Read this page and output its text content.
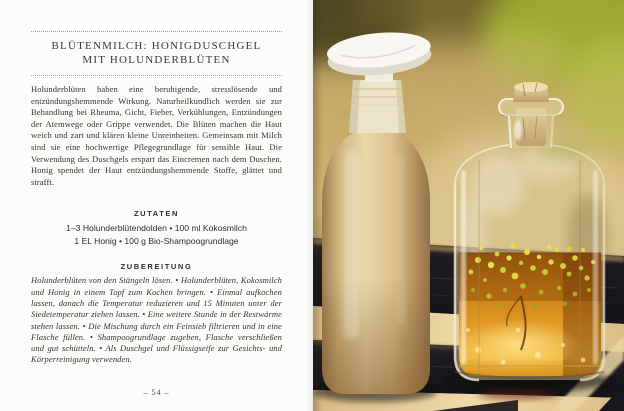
BLÜTENMILCH: HONIGDUSCHGEL
MIT HOLUNDERBLÜTEN

Holunderblüten haben eine beruhigende, stresslösende und entzündungshemmende Wirkung. Naturheilkundlich werden sie zur Behandlung bei Rheuma, Gicht, Fieber, Verkühlungen, Entzündungen der Atemwege oder Grippe verwendet. Die Blüten machen die Haut weich und zart und klären kleine Unreinheiten. Gemeinsam mit Milch sind sie eine hochwertige Pflegegrundlage für sensible Haut. Die Verwendung des Duschgels erspart das Eincremen nach dem Duschen. Honig spendet der Haut entzündungshemmende Stoffe, glättet und strafft.

ZUTATEN

1–3 Holunderblütendolden • 100 ml Kokosmilch
1 EL Honig • 100 g Bio-Shampoogrundlage

ZUBEREITUNG

Holunderblüten von den Stängeln lösen. • Holunderblüten, Kokosmilch und Honig in einem Topf zum Kochen bringen. • Einmal aufkochen lassen, danach die Temperatur reduzieren und 15 Minuten unter der Siedetemperatur ziehen lassen. • Eine weitere Stunde in der Restwärme stehen lassen. • Die Mischung durch ein Feinsieb filtrieren und in eine Flasche füllen. • Shampoogrundlage zugeben, Flasche verschließen und gut schütteln. • Als Duschgel und Flüssigseife zur Gesichts- und Körperreinigung verwenden.

– 54 –
